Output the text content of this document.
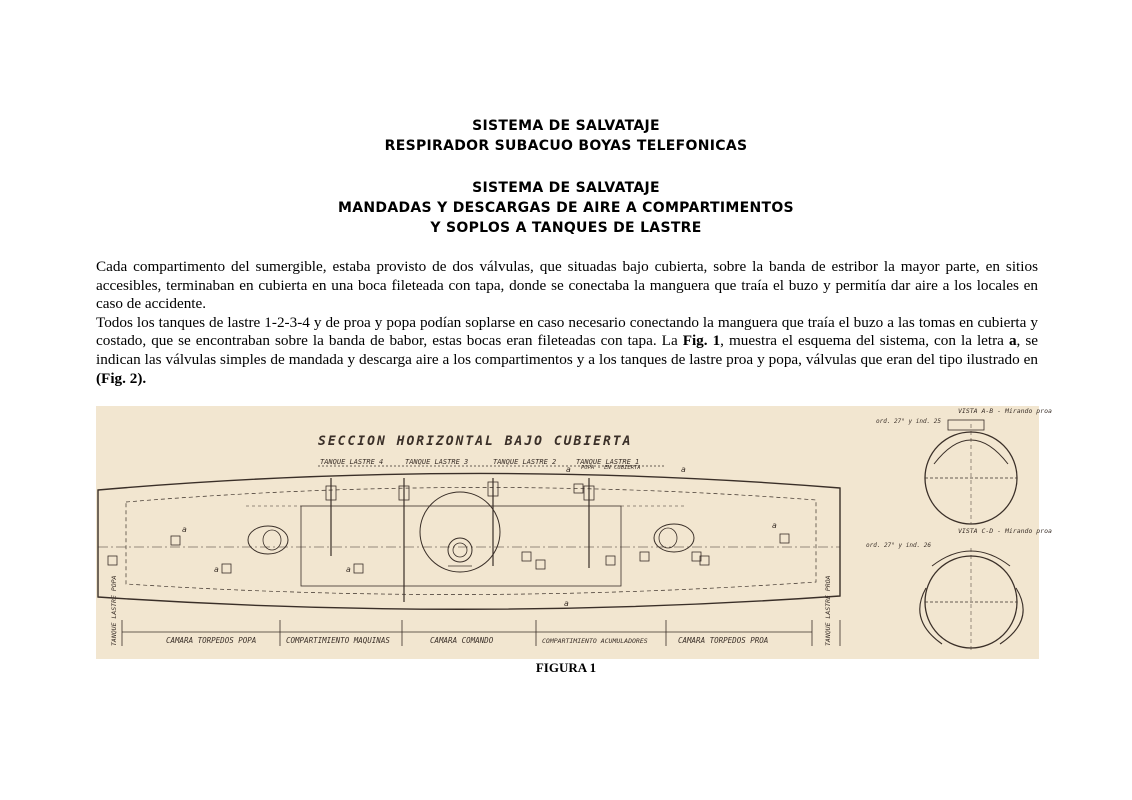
SISTEMA DE SALVATAJE
RESPIRADOR SUBACUO BOYAS TELEFONICAS
SISTEMA DE SALVATAJE
MANDADAS Y DESCARGAS DE AIRE A COMPARTIMENTOS
Y SOPLOS A TANQUES DE LASTRE

Cada compartimento del sumergible, estaba provisto de dos válvulas, que situadas bajo cubierta, sobre la banda de estribor la mayor parte, en sitios accesibles, terminaban en cubierta en una boca fileteada con tapa, donde se conectaba la manguera que traía el buzo y permitía dar aire a los locales en caso de accidente.

Todos los tanques de lastre 1-2-3-4 y de proa y popa podían soplarse en caso necesario conectando la manguera que traía el buzo a las tomas en cubierta y costado, que se encontraban sobre la banda de babor, estas bocas eran fileteadas con tapa. La Fig. 1, muestra el esquema del sistema, con la letra a, se indican las válvulas simples de mandada y descarga aire a los compartimentos y a los tanques de lastre proa y popa, válvulas que eran del tipo ilustrado en (Fig. 2).

SECCION HORIZONTAL BAJO CUBIERTA
TANQUE LASTRE 4	TANQUE LASTRE 3	TANQUE LASTRE 2	TANQUE LASTRE 1
POPA - EN CUBIERTA
a
a	a
a	a
a
a
CAMARA TORPEDOS POPA	COMPARTIMIENTO MAQUINAS	CAMARA COMANDO	COMPARTIMIENTO ACUMULADORES	CAMARA TORPEDOS PROA
TANQUE LASTRE POPA	TANQUE LASTRE PROA
VISTA A-B - Mirando proa
ord. 27° y ind. 25
VISTA C-D - Mirando proa
ord. 27° y ind. 26
FIGURA 1
